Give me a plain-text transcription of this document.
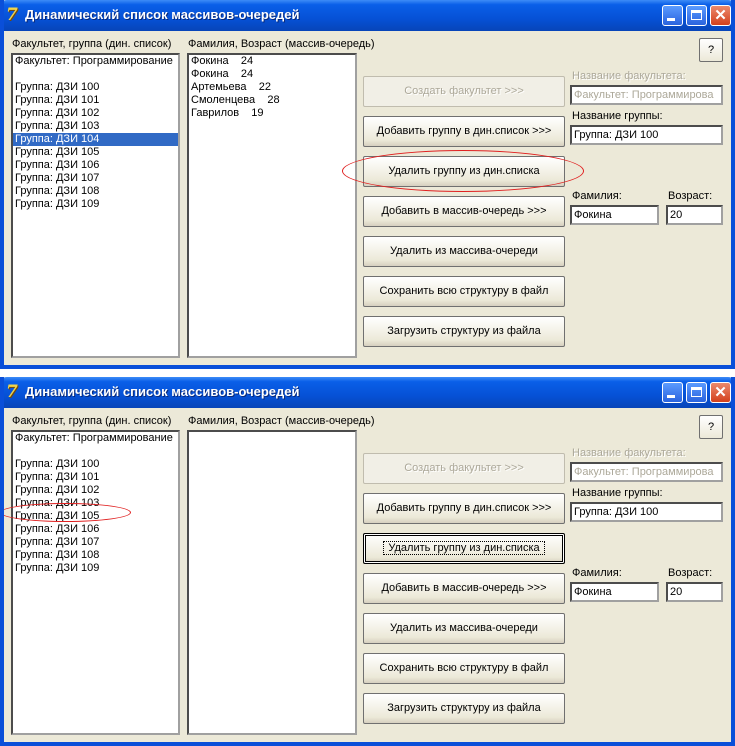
7 Динамический список массивов-очередей	✕
Факультет, группа (дин. список) Фамилия, Возраст (массив-очередь)
Факультет: Программирование
Группа: ДЗИ 100
Группа: ДЗИ 101
Группа: ДЗИ 102
Группа: ДЗИ 103
Группа: ДЗИ 104
Группа: ДЗИ 105
Группа: ДЗИ 106
Группа: ДЗИ 107
Группа: ДЗИ 108
Группа: ДЗИ 109
Фокина    24
Фокина    24
Артемьева    22
Смоленцева    28
Гаврилов    19
?
Создать факультет >>>
Добавить группу в дин.список >>>
Удалить группу из дин.списка
Добавить в массив-очередь >>>
Удалить из массива-очереди
Сохранить всю структуру в файл
Загрузить структуру из файла
Название факультета:
Факультет: Программирова
Название группы:
Группа: ДЗИ 100
Фамилия:
Фокина
Возраст:
20
7 Динамический список массивов-очередей	✕
Факультет, группа (дин. список) Фамилия, Возраст (массив-очередь)
Факультет: Программирование
Группа: ДЗИ 100
Группа: ДЗИ 101
Группа: ДЗИ 102
Группа: ДЗИ 103
Группа: ДЗИ 105
Группа: ДЗИ 106
Группа: ДЗИ 107
Группа: ДЗИ 108
Группа: ДЗИ 109
?
Создать факультет >>>
Добавить группу в дин.список >>>
Удалить группу из дин.списка
Добавить в массив-очередь >>>
Удалить из массива-очереди
Сохранить всю структуру в файл
Загрузить структуру из файла
Название факультета:
Факультет: Программирова
Название группы:
Группа: ДЗИ 100
Фамилия:
Фокина
Возраст:
20
